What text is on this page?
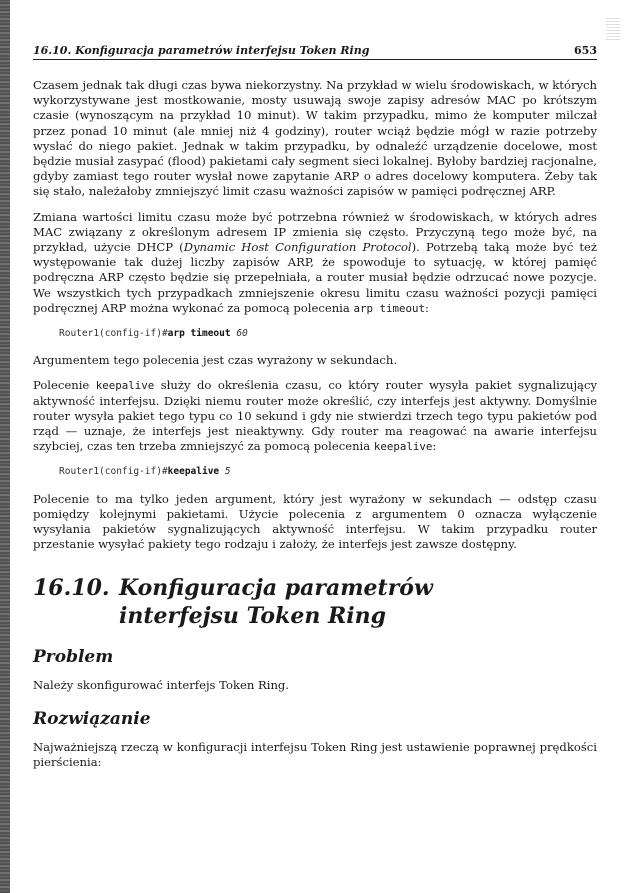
16.10. Konfiguracja parametrów interfejsu Token Ring	653

Czasem jednak tak długi czas bywa niekorzystny. Na przykład w wielu środowiskach, w których wykorzystywane jest mostkowanie, mosty usuwają swoje zapisy adresów MAC po krótszym czasie (wynoszącym na przykład 10 minut). W takim przypadku, mimo że komputer milczał przez ponad 10 minut (ale mniej niż 4 godziny), router wciąż będzie mógł w razie potrzeby wysłać do niego pakiet. Jednak w takim przypadku, by odnaleźć urządzenie docelowe, most będzie musiał zasypać (flood) pakietami cały segment sieci lokalnej. Byłoby bardziej racjonalne, gdyby zamiast tego router wysłał nowe zapytanie ARP o adres docelowy komputera. Żeby tak się stało, należałoby zmniejszyć limit czasu ważności zapisów w pamięci podręcznej ARP.

Zmiana wartości limitu czasu może być potrzebna również w środowiskach, w których adres MAC związany z określonym adresem IP zmienia się często. Przyczyną tego może być, na przykład, użycie DHCP (Dynamic Host Configuration Protocol). Potrzebą taką może być też występowanie tak dużej liczby zapisów ARP, że spowoduje to sytuację, w której pamięć podręczna ARP często będzie się przepełniała, a router musiał będzie odrzucać nowe pozycje. We wszystkich tych przypadkach zmniejszenie okresu limitu czasu ważności pozycji pamięci podręcznej ARP można wykonać za pomocą polecenia arp timeout:

Router1(config-if)#arp timeout 60

Argumentem tego polecenia jest czas wyrażony w sekundach.

Polecenie keepalive służy do określenia czasu, co który router wysyła pakiet sygnalizujący aktywność interfejsu. Dzięki niemu router może określić, czy interfejs jest aktywny. Domyślnie router wysyła pakiet tego typu co 10 sekund i gdy nie stwierdzi trzech tego typu pakietów pod rząd — uznaje, że interfejs jest nieaktywny. Gdy router ma reagować na awarie interfejsu szybciej, czas ten trzeba zmniejszyć za pomocą polecenia keepalive:

Router1(config-if)#keepalive 5

Polecenie to ma tylko jeden argument, który jest wyrażony w sekundach — odstęp czasu pomiędzy kolejnymi pakietami. Użycie polecenia z argumentem 0 oznacza wyłączenie wysyłania pakietów sygnalizujących aktywność interfejsu. W takim przypadku router przestanie wysyłać pakiety tego rodzaju i założy, że interfejs jest zawsze dostępny.

16.10. Konfiguracja parametrów
interfejsu Token Ring
Problem

Należy skonfigurować interfejs Token Ring.

Rozwiązanie

Najważniejszą rzeczą w konfiguracji interfejsu Token Ring jest ustawienie poprawnej prędkości pierścienia:
